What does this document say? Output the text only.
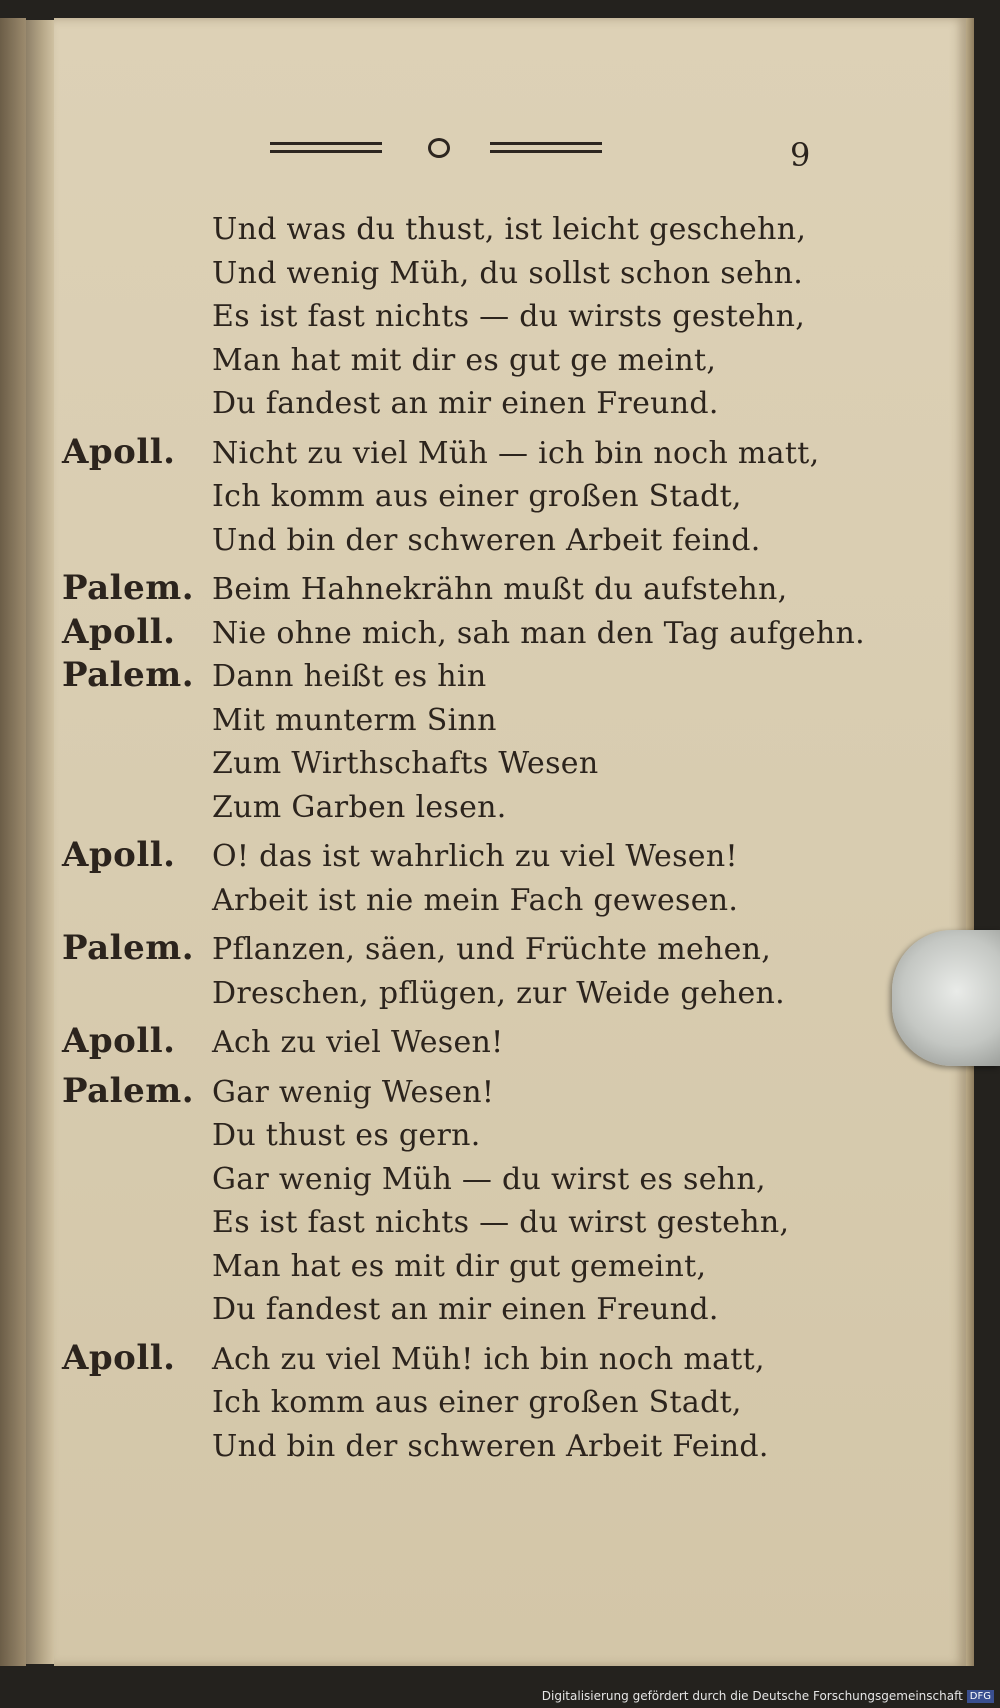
9
Und was du thust, ist leicht geschehn,
Und wenig Müh, du sollst schon sehn.
Es ist fast nichts — du wirsts gestehn,
Man hat mit dir es gut ge meint,
Du fandest an mir einen Freund.
Apoll. Nicht zu viel Müh — ich bin noch matt,
Ich komm aus einer großen Stadt,
Und bin der schweren Arbeit feind.
Palem. Beim Hahnekrähn mußt du aufstehn,
Apoll. Nie ohne mich, sah man den Tag aufgehn.
Palem. Dann heißt es hin
Mit munterm Sinn
Zum Wirthschafts Wesen
Zum Garben lesen.
Apoll. O! das ist wahrlich zu viel Wesen!
Arbeit ist nie mein Fach gewesen.
Palem. Pflanzen, säen, und Früchte mehen,
Dreschen, pflügen, zur Weide gehen.
Apoll. Ach zu viel Wesen!
Palem. Gar wenig Wesen!
Du thust es gern.
Gar wenig Müh — du wirst es sehn,
Es ist fast nichts — du wirst gestehn,
Man hat es mit dir gut gemeint,
Du fandest an mir einen Freund.
Apoll. Ach zu viel Müh! ich bin noch matt,
Ich komm aus einer großen Stadt,
Und bin der schweren Arbeit Feind.
Digitalisierung gefördert durch die Deutsche Forschungsgemeinschaft DFG
